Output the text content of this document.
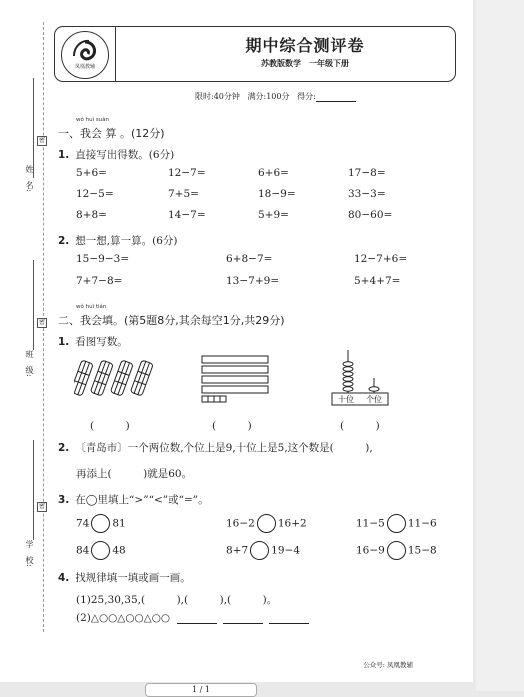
密
姓　名:
密
班　级:
密
学　校:
凤凰教辅
期中综合测评卷
苏教版数学　一年级下册
限时:40分钟 满分:100分 得分:
wǒ huì suàn
一、我会 算 。(12分)
1. 直接写出得数。(6分)
5+6=	12−7=	6+6=	17−8=
12−5=	7+5=	18−9=	33−3=
8+8=	14−7=	5+9=	80−60=
2. 想一想,算一算。(6分)
15−9−3=	6+8−7=	12−7+6=
7+7−8=	13−7+9=	5+4+7=
wǒ huì tián
二、我会填。(第5题8分,其余每空1分,共29分)
1. 看图写数。
十位 个位
(　　　)	(　　　)	(　　　)
2. 〔青岛市〕一个两位数,个位上是9,十位上是5,这个数是(　　　),
再添上(　　　)就是60。
3. 在◯里填上“>”“<”或“=”。
74 81	16−2 16+2	11−5 11−6
84 48	8+7 19−4	16−9 15−8
4. 找规律填一填或画一画。
(1)25,30,35,(　　　),(　　　),(　　　)。
(2)△○○△○○△○○
公众号: 凤凰教辅
1 / 1
